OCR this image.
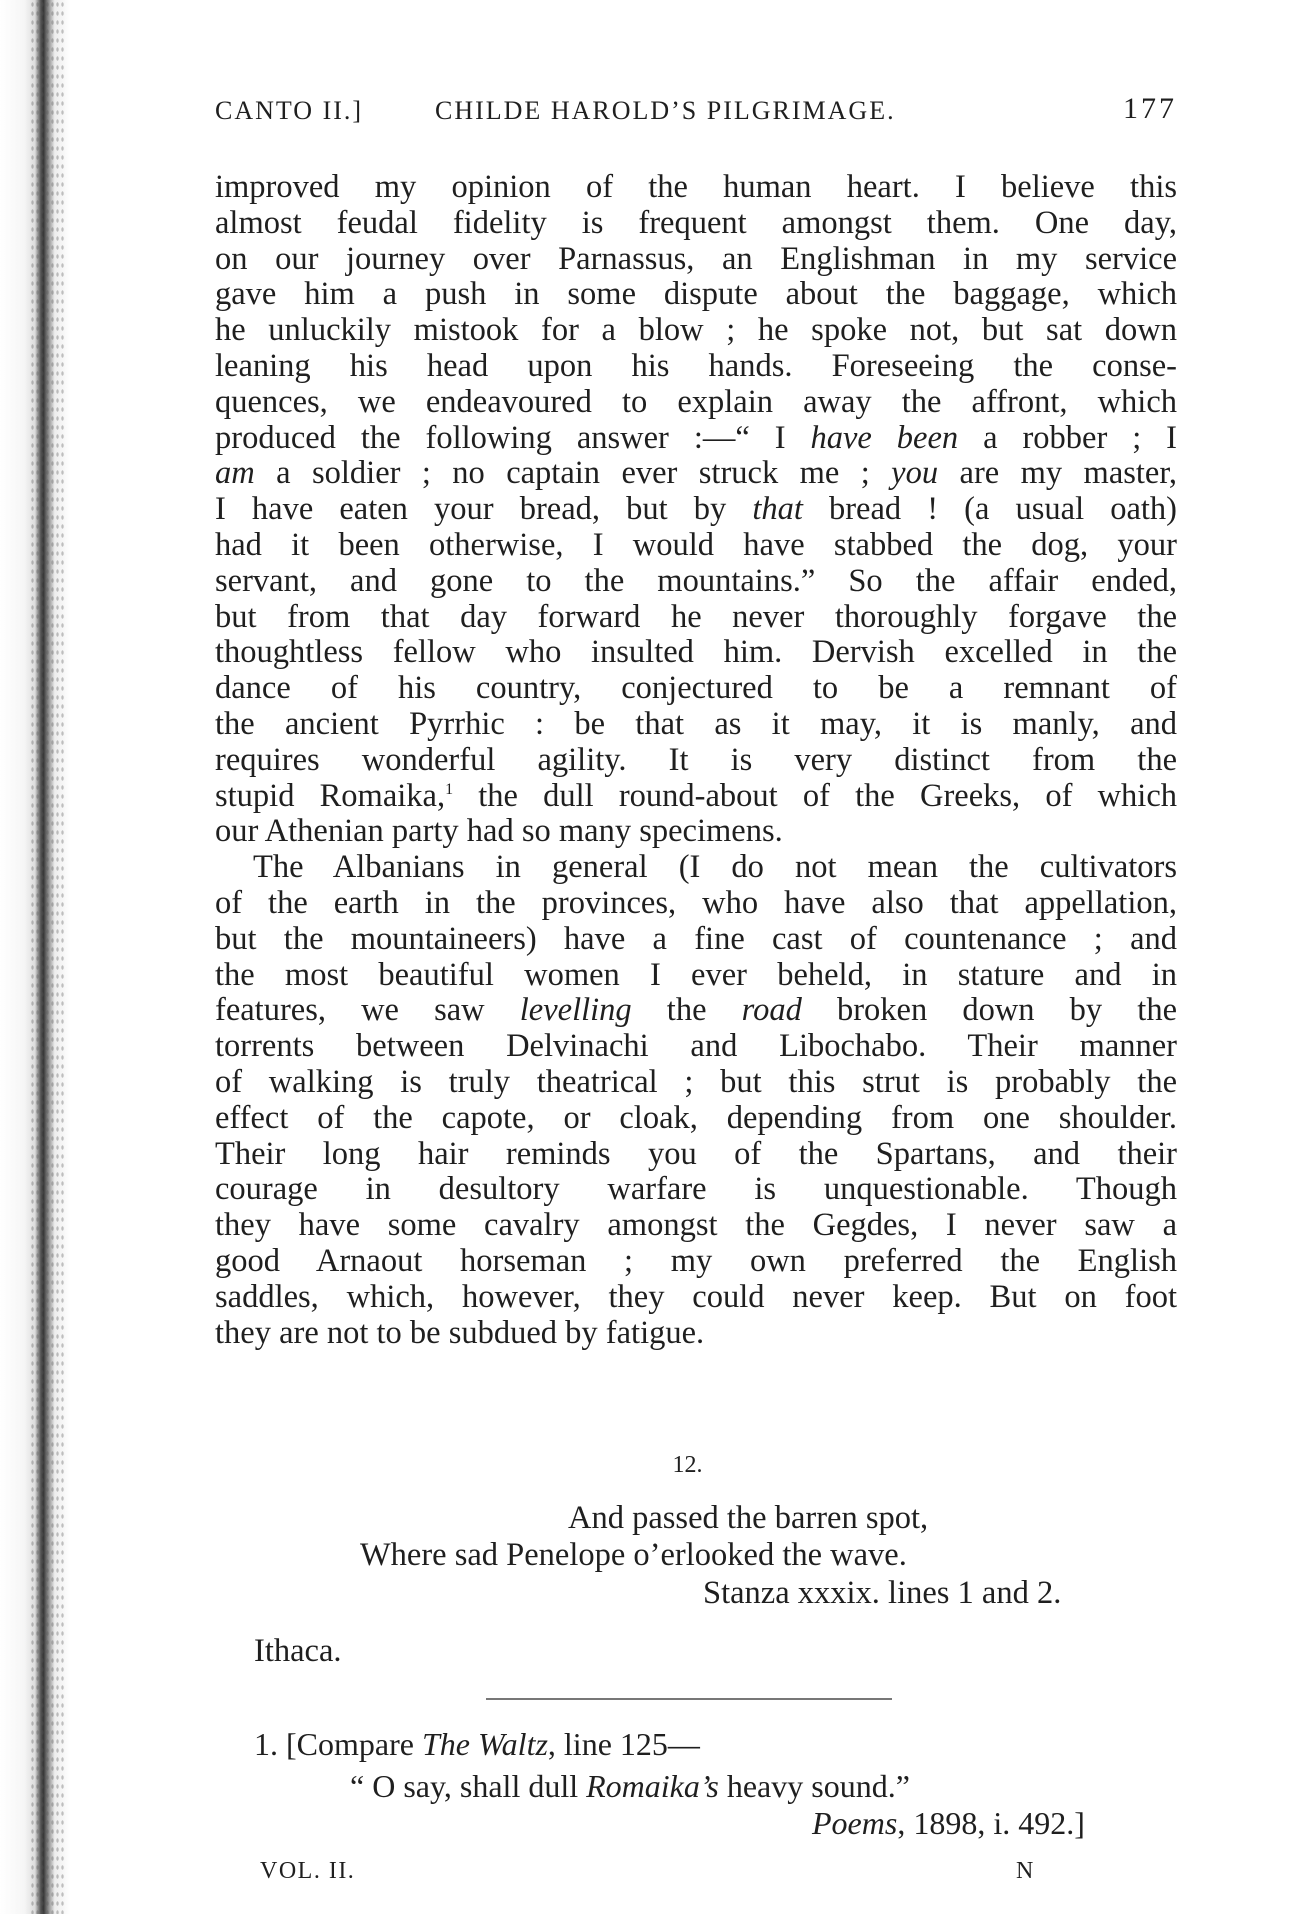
CANTO II.]	CHILDE HAROLD’S PILGRIMAGE.	177
improved my opinion of the human heart. I believe this
almost feudal fidelity is frequent amongst them. One day,
on our journey over Parnassus, an Englishman in my service
gave him a push in some dispute about the baggage, which
he unluckily mistook for a blow ; he spoke not, but sat down
leaning his head upon his hands. Foreseeing the conse-
quences, we endeavoured to explain away the affront, which
produced the following answer :—“ I have been a robber ; I
am a soldier ; no captain ever struck me ; you are my master,
I have eaten your bread, but by that bread ! (a usual oath)
had it been otherwise, I would have stabbed the dog, your
servant, and gone to the mountains.” So the affair ended,
but from that day forward he never thoroughly forgave the
thoughtless fellow who insulted him. Dervish excelled in the
dance of his country, conjectured to be a remnant of
the ancient Pyrrhic : be that as it may, it is manly, and
requires wonderful agility. It is very distinct from the
stupid Romaika,$^1$ the dull round-about of the Greeks, of which
our Athenian party had so many specimens.
The Albanians in general (I do not mean the cultivators
of the earth in the provinces, who have also that appellation,
but the mountaineers) have a fine cast of countenance ; and
the most beautiful women I ever beheld, in stature and in
features, we saw levelling the road broken down by the
torrents between Delvinachi and Libochabo. Their manner
of walking is truly theatrical ; but this strut is probably the
effect of the capote, or cloak, depending from one shoulder.
Their long hair reminds you of the Spartans, and their
courage in desultory warfare is unquestionable. Though
they have some cavalry amongst the Gegdes, I never saw a
good Arnaout horseman ; my own preferred the English
saddles, which, however, they could never keep. But on foot
they are not to be subdued by fatigue.
12.
And passed the barren spot,
Where sad Penelope o’erlooked the wave.
Stanza xxxix. lines 1 and 2.
Ithaca.
1. [Compare The Waltz, line 125—
“ O say, shall dull Romaika’s heavy sound.”
Poems, 1898, i. 492.]
VOL. II.	N
